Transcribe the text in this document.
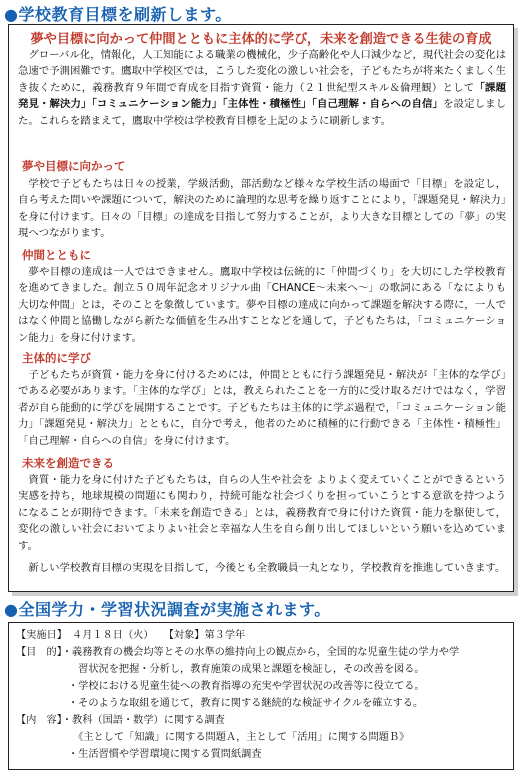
●学校教育目標を刷新します。
夢や目標に向かって仲間とともに主体的に学び，未来を創造できる生徒の育成
グローバル化，情報化，人工知能による職業の機械化，少子高齢化や人口減少など，現代社会の変化は急速で予測困難です。鷹取中学校区では，こうした変化の激しい社会を，子どもたちが将来たくましく生き抜くために，義務教育９年間で育成を目指す資質・能力（２１世紀型スキル＆倫理観）として「課題発見・解決力」「コミュニケーション能力」「主体性・積極性」「自己理解・自らへの自信」を設定しました。これらを踏まえて，鷹取中学校は学校教育目標を上記のように刷新します。
夢や目標に向かって
学校で子どもたちは日々の授業，学級活動，部活動など様々な学校生活の場面で「目標」を設定し，自ら考えた問いや課題について，解決のために論理的な思考を繰り返すことにより，「課題発見・解決力」を身に付けます。日々の「目標」の達成を目指して努力することが，より大きな目標としての「夢」の実現へつながります。
仲間とともに
夢や目標の達成は一人ではできません。鷹取中学校は伝統的に「仲間づくり」を大切にした学校教育を進めてきました。創立５０周年記念オリジナル曲「CHANCE～未来へ～」の歌詞にある「なによりも大切な仲間」とは，そのことを象徴しています。夢や目標の達成に向かって課題を解決する際に，一人ではなく仲間と協働しながら新たな価値を生み出すことなどを通して，子どもたちは，「コミュニケーション能力」を身に付けます。
主体的に学び
子どもたちが資質・能力を身に付けるためには，仲間とともに行う課題発見・解決が「主体的な学び」である必要があります。「主体的な学び」とは，教えられたことを一方的に受け取るだけではなく，学習者が自ら能動的に学びを展開することです。子どもたちは主体的に学ぶ過程で，「コミュニケーション能力」「課題発見・解決力」とともに，自分で考え，他者のために積極的に行動できる「主体性・積極性」「自己理解・自らへの自信」を身に付けます。
未来を創造できる
資質・能力を身に付けた子どもたちは，自らの人生や社会を よりよく変えていくことができるという実感を持ち，地球規模の問題にも関わり，持続可能な社会づくりを担っていこうとする意欲を持つようになることが期待できます。「未来を創造できる」とは，義務教育で身に付けた資質・能力を駆使して，変化の激しい社会においてよりよい社会と幸福な人生を自ら創り出してほしいという願いを込めています。
新しい学校教育目標の実現を目指して，今後とも全教職員一丸となり，学校教育を推進していきます。
●全国学力・学習状況調査が実施されます。
【実施日】　４月１８日（火）　　【対象】第３学年
【目　的】・義務教育の機会均等とその水準の維持向上の観点から，全国的な児童生徒の学力や学
　習状況を把握・分析し，教育施策の成果と課題を検証し，その改善を図る。
・学校における児童生徒への教育指導の充実や学習状況の改善等に役立てる。
・そのような取組を通じて，教育に関する継続的な検証サイクルを確立する。
【内　容】・教科（国語・数学）に関する調査
　《主として「知識」に関する問題Ａ，主として「活用」に関する問題Ｂ》
・生活習慣や学習環境に関する質問紙調査
